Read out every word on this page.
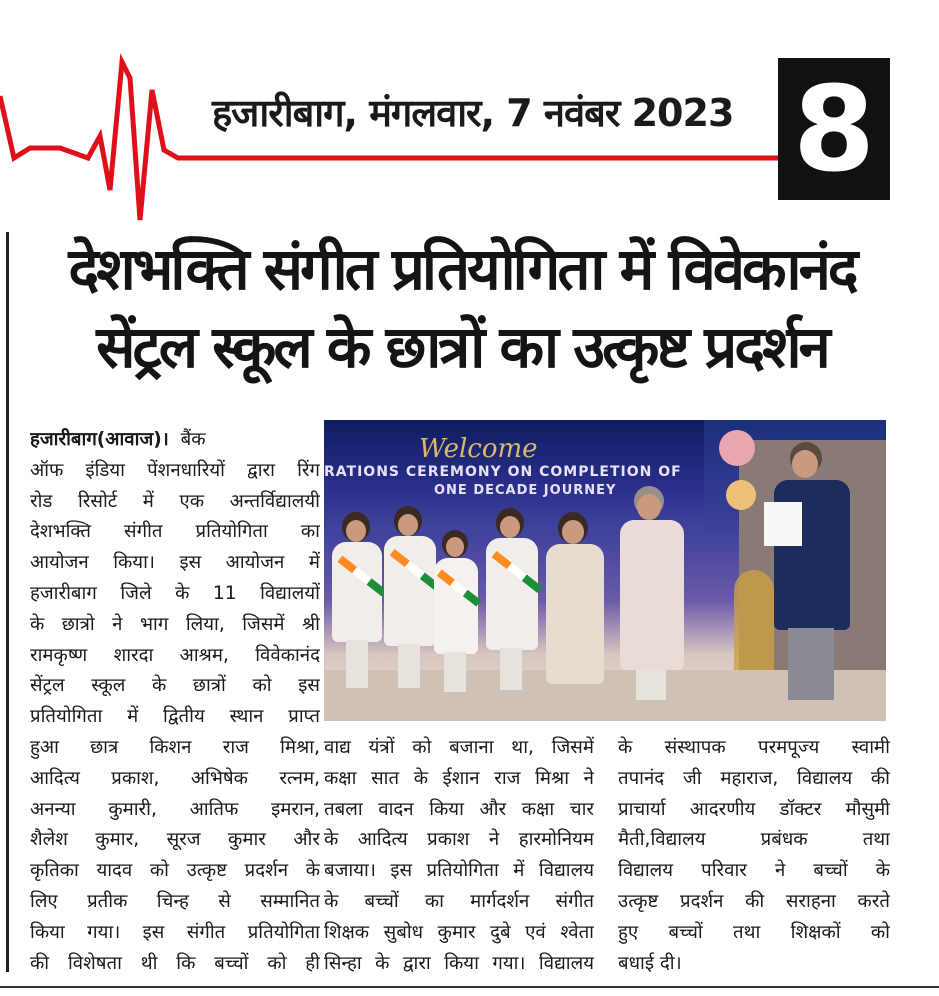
हजारीबाग, मंगलवार, 7 नवंबर 2023 8
देशभक्ति संगीत प्रतियोगिता में विवेकानंद
सेंट्रल स्कूल के छात्रों का उत्कृष्ट प्रदर्शन
Welcome
RATIONS CEREMONY ON COMPLETION OF
ONE DECADE JOURNEY
हजारीबाग(आवाज)। बैंक
ऑफ इंडिया पेंशनधारियों द्वारा रिंग
रोड रिसोर्ट में एक अन्तर्विद्यालयी
देशभक्ति संगीत प्रतियोगिता का
आयोजन किया। इस आयोजन में
हजारीबाग जिले के 11 विद्यालयों
के छात्रो ने भाग लिया, जिसमें श्री
रामकृष्ण शारदा आश्रम, विवेकानंद
सेंट्रल स्कूल के छात्रों को इस
प्रतियोगिता में द्वितीय स्थान प्राप्त
हुआ छात्र किशन राज मिश्रा,
आदित्य प्रकाश, अभिषेक रत्नम,
अनन्या कुमारी, आतिफ इमरान,
शैलेश कुमार, सूरज कुमार और
कृतिका यादव को उत्कृष्ट प्रदर्शन के
लिए प्रतीक चिन्ह से सम्मानित
किया गया। इस संगीत प्रतियोगिता
की विशेषता थी कि बच्चों को ही
वाद्य यंत्रों को बजाना था, जिसमें
कक्षा सात के ईशान राज मिश्रा ने
तबला वादन किया और कक्षा चार
के आदित्य प्रकाश ने हारमोनियम
बजाया। इस प्रतियोगिता में विद्यालय
के बच्चों का मार्गदर्शन संगीत
शिक्षक सुबोध कुमार दुबे एवं श्वेता
सिन्हा के द्वारा किया गया। विद्यालय
के संस्थापक परमपूज्य स्वामी
तपानंद जी महाराज, विद्यालय की
प्राचार्या आदरणीय डॉक्टर मौसुमी
मैती,विद्यालय प्रबंधक तथा
विद्यालय परिवार ने बच्चों के
उत्कृष्ट प्रदर्शन की सराहना करते
हुए बच्चों तथा शिक्षकों को
बधाई दी।
